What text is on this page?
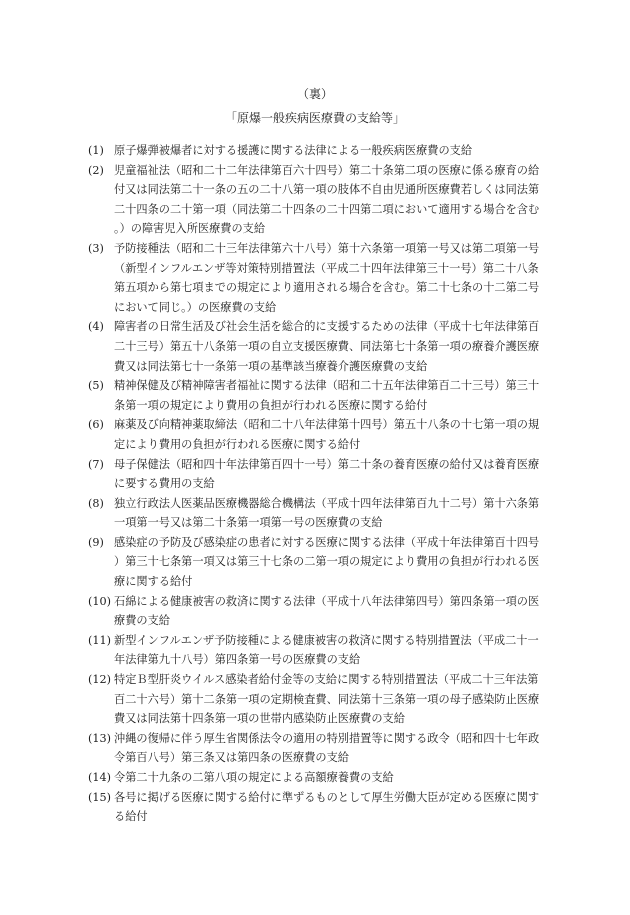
（裏）
「原爆一般疾病医療費の支給等」
(1) 原子爆弾被爆者に対する援護に関する法律による一般疾病医療費の支給
(2) 児童福祉法（昭和二十二年法律第百六十四号）第二十条第二項の医療に係る療育の給付又は同法第二十一条の五の二十八第一項の肢体不自由児通所医療費若しくは同法第二十四条の二十第一項（同法第二十四条の二十四第二項において適用する場合を含む。）の障害児入所医療費の支給
(3) 予防接種法（昭和二十三年法律第六十八号）第十六条第一項第一号又は第二項第一号（新型インフルエンザ等対策特別措置法（平成二十四年法律第三十一号）第二十八条第五項から第七項までの規定により適用される場合を含む。第二十七条の十二第二号において同じ。）の医療費の支給
(4) 障害者の日常生活及び社会生活を総合的に支援するための法律（平成十七年法律第百二十三号）第五十八条第一項の自立支援医療費、同法第七十条第一項の療養介護医療費又は同法第七十一条第一項の基準該当療養介護医療費の支給
(5) 精神保健及び精神障害者福祉に関する法律（昭和二十五年法律第百二十三号）第三十条第一項の規定により費用の負担が行われる医療に関する給付
(6) 麻薬及び向精神薬取締法（昭和二十八年法律第十四号）第五十八条の十七第一項の規定により費用の負担が行われる医療に関する給付
(7) 母子保健法（昭和四十年法律第百四十一号）第二十条の養育医療の給付又は養育医療に要する費用の支給
(8) 独立行政法人医薬品医療機器総合機構法（平成十四年法律第百九十二号）第十六条第一項第一号又は第二十条第一項第一号の医療費の支給
(9) 感染症の予防及び感染症の患者に対する医療に関する法律（平成十年法律第百十四号）第三十七条第一項又は第三十七条の二第一項の規定により費用の負担が行われる医療に関する給付
(10) 石綿による健康被害の救済に関する法律（平成十八年法律第四号）第四条第一項の医療費の支給
(11) 新型インフルエンザ予防接種による健康被害の救済に関する特別措置法（平成二十一年法律第九十八号）第四条第一号の医療費の支給
(12) 特定Ｂ型肝炎ウイルス感染者給付金等の支給に関する特別措置法（平成二十三年法第百二十六号）第十二条第一項の定期検査費、同法第十三条第一項の母子感染防止医療費又は同法第十四条第一項の世帯内感染防止医療費の支給
(13) 沖縄の復帰に伴う厚生省関係法令の適用の特別措置等に関する政令（昭和四十七年政令第百八号）第三条又は第四条の医療費の支給
(14) 令第二十九条の二第八項の規定による高額療養費の支給
(15) 各号に掲げる医療に関する給付に準ずるものとして厚生労働大臣が定める医療に関する給付
